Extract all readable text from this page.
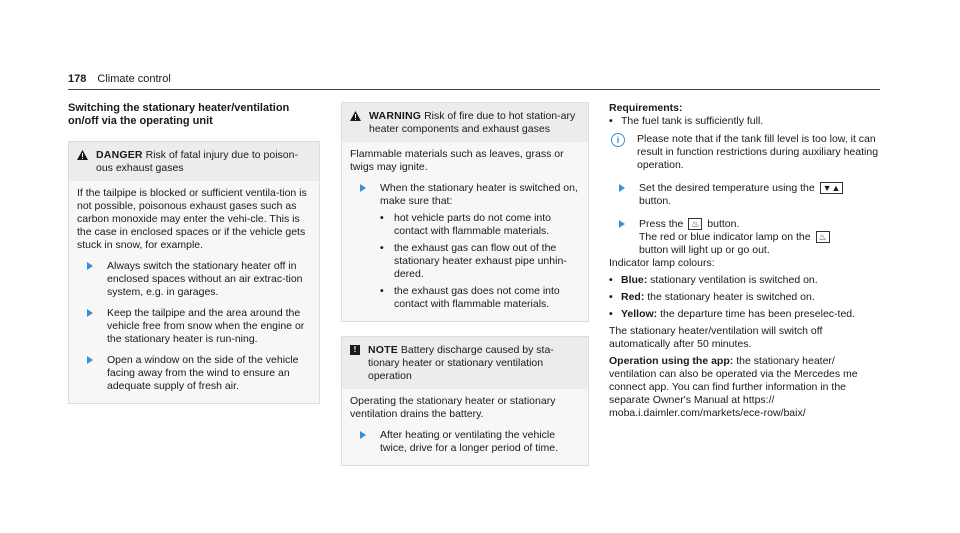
178 Climate control
Switching the stationary heater/ventilation on/off via the operating unit
DANGER Risk of fatal injury due to poison-ous exhaust gases

If the tailpipe is blocked or sufficient ventila-tion is not possible, poisonous exhaust gases such as carbon monoxide may enter the vehi-cle. This is the case in enclosed spaces or if the vehicle gets stuck in snow, for example.

Always switch the stationary heater off in enclosed spaces without an air extrac-tion system, e.g. in garages.
Keep the tailpipe and the area around the vehicle free from snow when the engine or the stationary heater is run-ning.
Open a window on the side of the vehicle facing away from the wind to ensure an adequate supply of fresh air.
WARNING Risk of fire due to hot station-ary heater components and exhaust gases

Flammable materials such as leaves, grass or twigs may ignite.

When the stationary heater is switched on, make sure that:
• hot vehicle parts do not come into contact with flammable materials.
• the exhaust gas can flow out of the stationary heater exhaust pipe unhin-dered.
• the exhaust gas does not come into contact with flammable materials.
!	NOTE Battery discharge caused by sta-tionary heater or stationary ventilation operation

Operating the stationary heater or stationary ventilation drains the battery.

After heating or ventilating the vehicle twice, drive for a longer period of time.

Requirements:

• The fuel tank is sufficiently full.
i	Please note that if the tank fill level is too low, it can result in function restrictions during auxiliary heating operation.
Set the desired temperature using the ▼▲
button.
Press the ♨ button.
The red or blue indicator lamp on the ♨
button will light up or go out.

Indicator lamp colours:

• Blue: stationary ventilation is switched on.
• Red: the stationary heater is switched on.
• Yellow: the departure time has been preselec-ted.

The stationary heater/ventilation will switch off automatically after 50 minutes.

Operation using the app: the stationary heater/ ventilation can also be operated via the Mercedes me connect app. You can find further information in the separate Owner's Manual at https:// moba.i.daimler.com/markets/ece-row/baix/
